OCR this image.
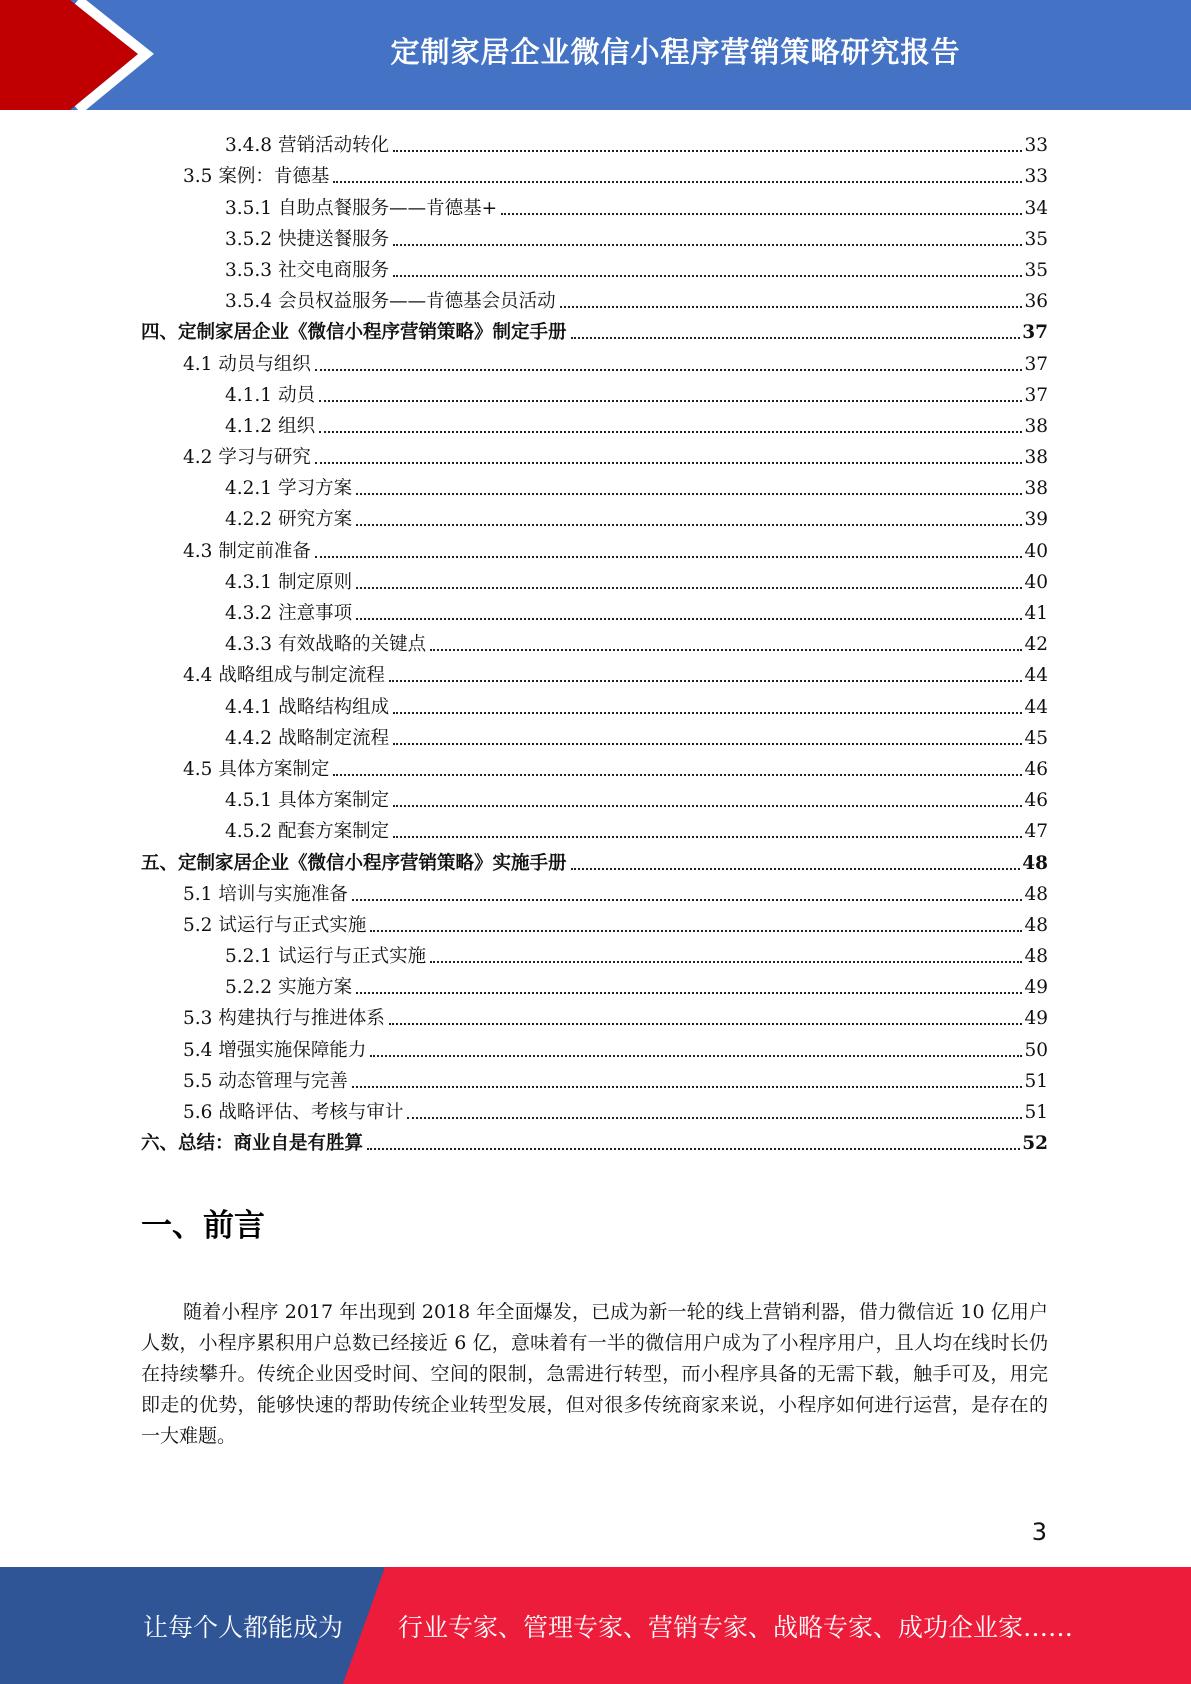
定制家居企业微信小程序营销策略研究报告
3.4.8 营销活动转化	33
3.5 案例：肯德基	33
3.5.1 自助点餐服务——肯德基+	34
3.5.2 快捷送餐服务	35
3.5.3 社交电商服务	35
3.5.4 会员权益服务——肯德基会员活动	36
四、定制家居企业《微信小程序营销策略》制定手册	37
4.1 动员与组织	37
4.1.1 动员	37
4.1.2 组织	38
4.2 学习与研究	38
4.2.1 学习方案	38
4.2.2 研究方案	39
4.3 制定前准备	40
4.3.1 制定原则	40
4.3.2 注意事项	41
4.3.3 有效战略的关键点	42
4.4 战略组成与制定流程	44
4.4.1 战略结构组成	44
4.4.2 战略制定流程	45
4.5 具体方案制定	46
4.5.1 具体方案制定	46
4.5.2 配套方案制定	47
五、定制家居企业《微信小程序营销策略》实施手册	48
5.1 培训与实施准备	48
5.2 试运行与正式实施	48
5.2.1 试运行与正式实施	48
5.2.2 实施方案	49
5.3 构建执行与推进体系	49
5.4 增强实施保障能力	50
5.5 动态管理与完善	51
5.6 战略评估、考核与审计	51
六、总结：商业自是有胜算	52
一、前言

随着小程序 2017 年出现到 2018 年全面爆发，已成为新一轮的线上营销利器，借力微信近 10 亿用户人数，小程序累积用户总数已经接近 6 亿，意味着有一半的微信用户成为了小程序用户，且人均在线时长仍在持续攀升。传统企业因受时间、空间的限制，急需进行转型，而小程序具备的无需下载，触手可及，用完即走的优势，能够快速的帮助传统企业转型发展，但对很多传统商家来说，小程序如何进行运营，是存在的一大难题。

3
让每个人都能成为 行业专家、管理专家、营销专家、战略专家、成功企业家……
